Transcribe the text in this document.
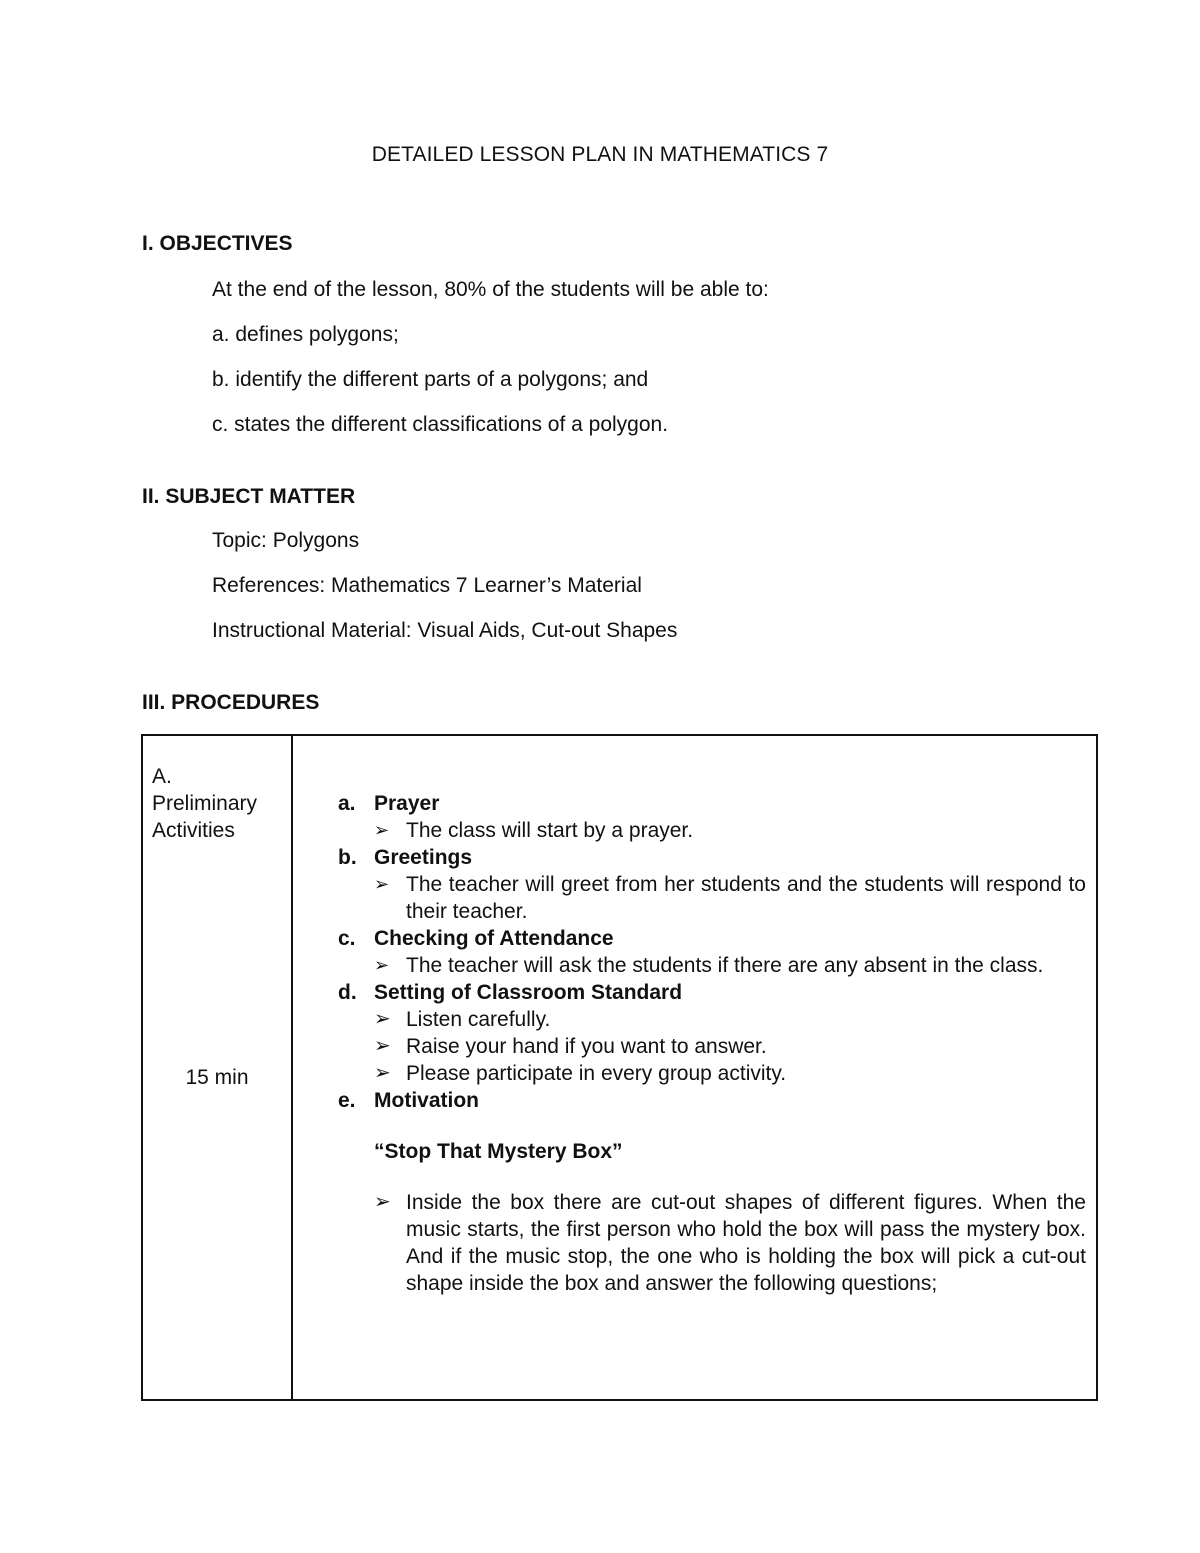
DETAILED LESSON PLAN IN MATHEMATICS 7
I. OBJECTIVES
At the end of the lesson, 80% of the students will be able to:
a. defines polygons;
b. identify the different parts of a polygons; and
c. states the different classifications of a polygon.
II. SUBJECT MATTER
Topic: Polygons
References: Mathematics 7 Learner’s Material
Instructional Material: Visual Aids, Cut-out Shapes
III. PROCEDURES
A.
Preliminary
Activities
15 min
a. Prayer
➢ The class will start by a prayer.
b. Greetings
➢ The teacher will greet from her students and the students will respond to their teacher.
c. Checking of Attendance
➢ The teacher will ask the students if there are any absent in the class.
d. Setting of Classroom Standard
➢ Listen carefully.
➢ Raise your hand if you want to answer.
➢ Please participate in every group activity.
e. Motivation
“Stop That Mystery Box”
➢ Inside the box there are cut-out shapes of different figures. When the music starts, the first person who hold the box will pass the mystery box. And if the music stop, the one who is holding the box will pick a cut-out shape inside the box and answer the following questions;
